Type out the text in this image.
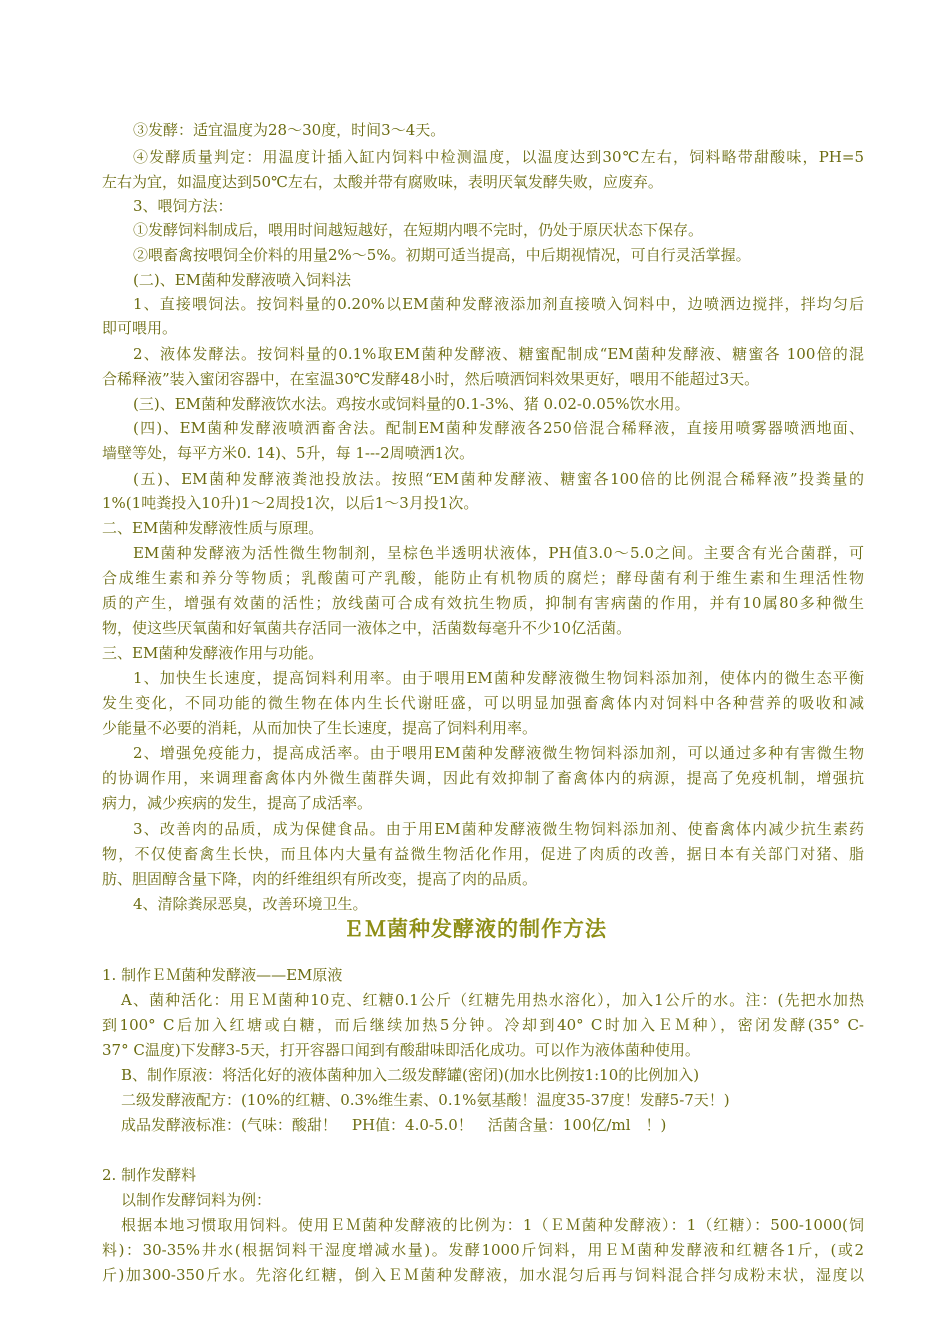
③发酵：适宜温度为28～30度，时间3～4天。
④发酵质量判定：用温度计插入缸内饲料中检测温度，以温度达到30℃左右，饲料略带甜酸味，PH=5
左右为宜，如温度达到50℃左右，太酸并带有腐败味，表明厌氧发酵失败，应废弃。
3、喂饲方法：
①发酵饲料制成后，喂用时间越短越好，在短期内喂不完时，仍处于原厌状态下保存。
②喂畜禽按喂饲全价料的用量2%～5%。初期可适当提高，中后期视情况，可自行灵活掌握。
(二)、EM菌种发酵液喷入饲料法
1、直接喂饲法。按饲料量的0.20%以EM菌种发酵液添加剂直接喷入饲料中，边喷洒边搅拌，拌均匀后
即可喂用。
2、液体发酵法。按饲料量的0.1%取EM菌种发酵液、糖蜜配制成“EM菌种发酵液、糖蜜各 100倍的混
合稀释液”装入蜜闭容器中，在室温30℃发酵48小时，然后喷洒饲料效果更好，喂用不能超过3天。
(三)、EM菌种发酵液饮水法。鸡按水或饲料量的0.1-3%、猪 0.02-0.05%饮水用。
(四)、EM菌种发酵液喷洒畜舍法。配制EM菌种发酵液各250倍混合稀释液，直接用喷雾器喷洒地面、
墙壁等处，每平方米0. 14)、5升，每 1---2周喷洒1次。
(五)、EM菌种发酵液粪池投放法。按照“EM菌种发酵液、糖蜜各100倍的比例混合稀释液”投粪量的
1%(1吨粪投入10升)1～2周投1次，以后1～3月投1次。
二、EM菌种发酵液性质与原理。
EM菌种发酵液为活性微生物制剂，呈棕色半透明状液体，PH值3.0～5.0之间。主要含有光合菌群，可
合成维生素和养分等物质；乳酸菌可产乳酸，能防止有机物质的腐烂；酵母菌有利于维生素和生理活性物
质的产生，增强有效菌的活性；放线菌可合成有效抗生物质，抑制有害病菌的作用，并有10属80多种微生
物，使这些厌氧菌和好氧菌共存活同一液体之中，活菌数每毫升不少10亿活菌。
三、EM菌种发酵液作用与功能。
1、加快生长速度，提高饲料利用率。由于喂用EM菌种发酵液微生物饲料添加剂，使体内的微生态平衡
发生变化，不同功能的微生物在体内生长代谢旺盛，可以明显加强畜禽体内对饲料中各种营养的吸收和减
少能量不必要的消耗，从而加快了生长速度，提高了饲料利用率。
2、增强免疫能力，提高成活率。由于喂用EM菌种发酵液微生物饲料添加剂，可以通过多种有害微生物
的协调作用，来调理畜禽体内外微生菌群失调，因此有效抑制了畜禽体内的病源，提高了免疫机制，增强抗
病力，减少疾病的发生，提高了成活率。
3、改善肉的品质，成为保健食品。由于用EM菌种发酵液微生物饲料添加剂、使畜禽体内减少抗生素药
物，不仅使畜禽生长快，而且体内大量有益微生物活化作用，促进了肉质的改善，据日本有关部门对猪、脂
肪、胆固醇含量下降，肉的纤维组织有所改变，提高了肉的品质。
4、清除粪尿恶臭，改善环境卫生。
ＥＭ菌种发酵液的制作方法
1. 制作ＥＭ菌种发酵液——EM原液
A、菌种活化：用ＥＭ菌种10克、红糖0.1公斤（红糖先用热水溶化），加入1公斤的水。注：(先把水加热
到100° C后加入红塘或白糖，而后继续加热5分钟。冷却到40° C时加入ＥＭ种），密闭发酵(35° C-
37° C温度)下发酵3-5天，打开容器口闻到有酸甜味即活化成功。可以作为液体菌种使用。
B、制作原液：将活化好的液体菌种加入二级发酵罐(密闭)(加水比例按1:10的比例加入)
二级发酵液配方：(10%的红糖、0.3%维生素、0.1%氨基酸！温度35-37度！发酵5-7天！)
成品发酵液标准：(气味：酸甜！　PH值：4.0-5.0！　活菌含量：100亿/ml　！)
2. 制作发酵料
以制作发酵饲料为例：
根据本地习惯取用饲料。使用ＥＭ菌种发酵液的比例为：1（ＥＭ菌种发酵液）：1（红糖）：500-1000(饲
料)：30-35%井水(根据饲料干湿度增减水量)。发酵1000斤饲料，用ＥＭ菌种发酵液和红糖各1斤，(或2
斤)加300-350斤水。先溶化红糖，倒入ＥＭ菌种发酵液，加水混匀后再与饲料混合拌匀成粉末状，湿度以
